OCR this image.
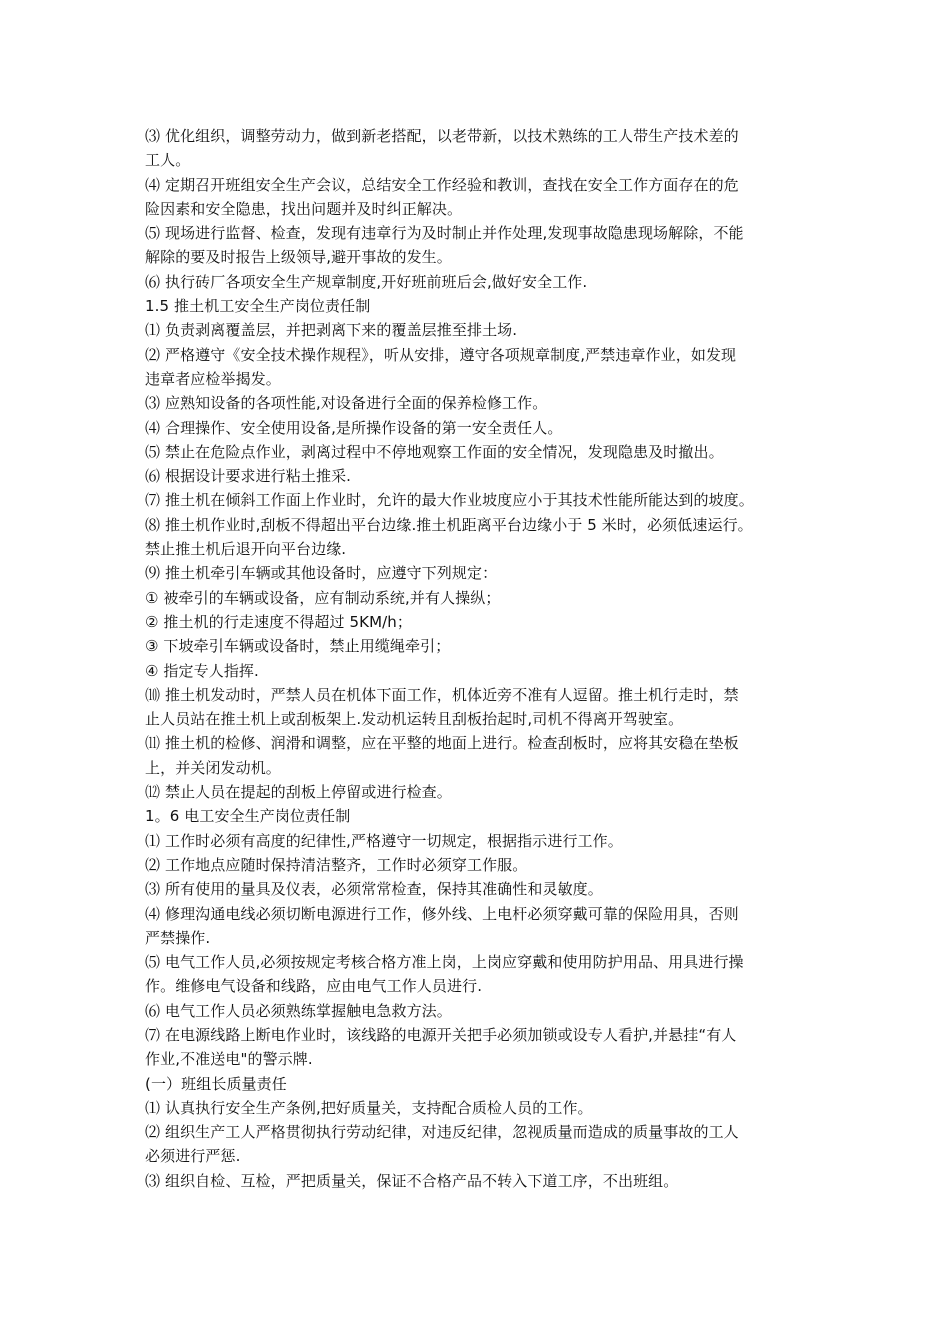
⑶ 优化组织，调整劳动力，做到新老搭配，以老带新，以技术熟练的工人带生产技术差的
工人。

⑷ 定期召开班组安全生产会议，总结安全工作经验和教训，查找在安全工作方面存在的危
险因素和安全隐患，找出问题并及时纠正解决。

⑸ 现场进行监督、检查，发现有违章行为及时制止并作处理,发现事故隐患现场解除，不能
解除的要及时报告上级领导,避开事故的发生。

⑹ 执行砖厂各项安全生产规章制度,开好班前班后会,做好安全工作.

1.5 推土机工安全生产岗位责任制

⑴ 负责剥离覆盖层，并把剥离下来的覆盖层推至排土场.

⑵ 严格遵守《安全技术操作规程》，听从安排，遵守各项规章制度,严禁违章作业，如发现
违章者应检举揭发。

⑶ 应熟知设备的各项性能,对设备进行全面的保养检修工作。

⑷ 合理操作、安全使用设备,是所操作设备的第一安全责任人。

⑸ 禁止在危险点作业，剥离过程中不停地观察工作面的安全情况，发现隐患及时撤出。

⑹ 根据设计要求进行粘土推采.

⑺ 推土机在倾斜工作面上作业时，允许的最大作业坡度应小于其技术性能所能达到的坡度。

⑻ 推土机作业时,刮板不得超出平台边缘.推土机距离平台边缘小于 5 米时，必须低速运行。
禁止推土机后退开向平台边缘.

⑼ 推土机牵引车辆或其他设备时，应遵守下列规定：

① 被牵引的车辆或设备，应有制动系统,并有人操纵；

② 推土机的行走速度不得超过 5KM/h；

③ 下坡牵引车辆或设备时，禁止用缆绳牵引；

④ 指定专人指挥.

⑽ 推土机发动时，严禁人员在机体下面工作，机体近旁不准有人逗留。推土机行走时，禁
止人员站在推土机上或刮板架上.发动机运转且刮板抬起时,司机不得离开驾驶室。

⑾ 推土机的检修、润滑和调整，应在平整的地面上进行。检查刮板时，应将其安稳在垫板
上，并关闭发动机。

⑿ 禁止人员在提起的刮板上停留或进行检查。

1。6 电工安全生产岗位责任制

⑴ 工作时必须有高度的纪律性,严格遵守一切规定，根据指示进行工作。

⑵ 工作地点应随时保持清洁整齐，工作时必须穿工作服。

⑶ 所有使用的量具及仪表，必须常常检查，保持其准确性和灵敏度。

⑷ 修理沟通电线必须切断电源进行工作，修外线、上电杆必须穿戴可靠的保险用具，否则
严禁操作.

⑸ 电气工作人员,必须按规定考核合格方准上岗，上岗应穿戴和使用防护用品、用具进行操
作。维修电气设备和线路，应由电气工作人员进行.

⑹ 电气工作人员必须熟练掌握触电急救方法。

⑺ 在电源线路上断电作业时，该线路的电源开关把手必须加锁或设专人看护,并悬挂“有人
作业,不准送电"的警示牌.

(一）班组长质量责任

⑴ 认真执行安全生产条例,把好质量关，支持配合质检人员的工作。

⑵ 组织生产工人严格贯彻执行劳动纪律，对违反纪律，忽视质量而造成的质量事故的工人
必须进行严惩.

⑶ 组织自检、互检，严把质量关，保证不合格产品不转入下道工序，不出班组。
